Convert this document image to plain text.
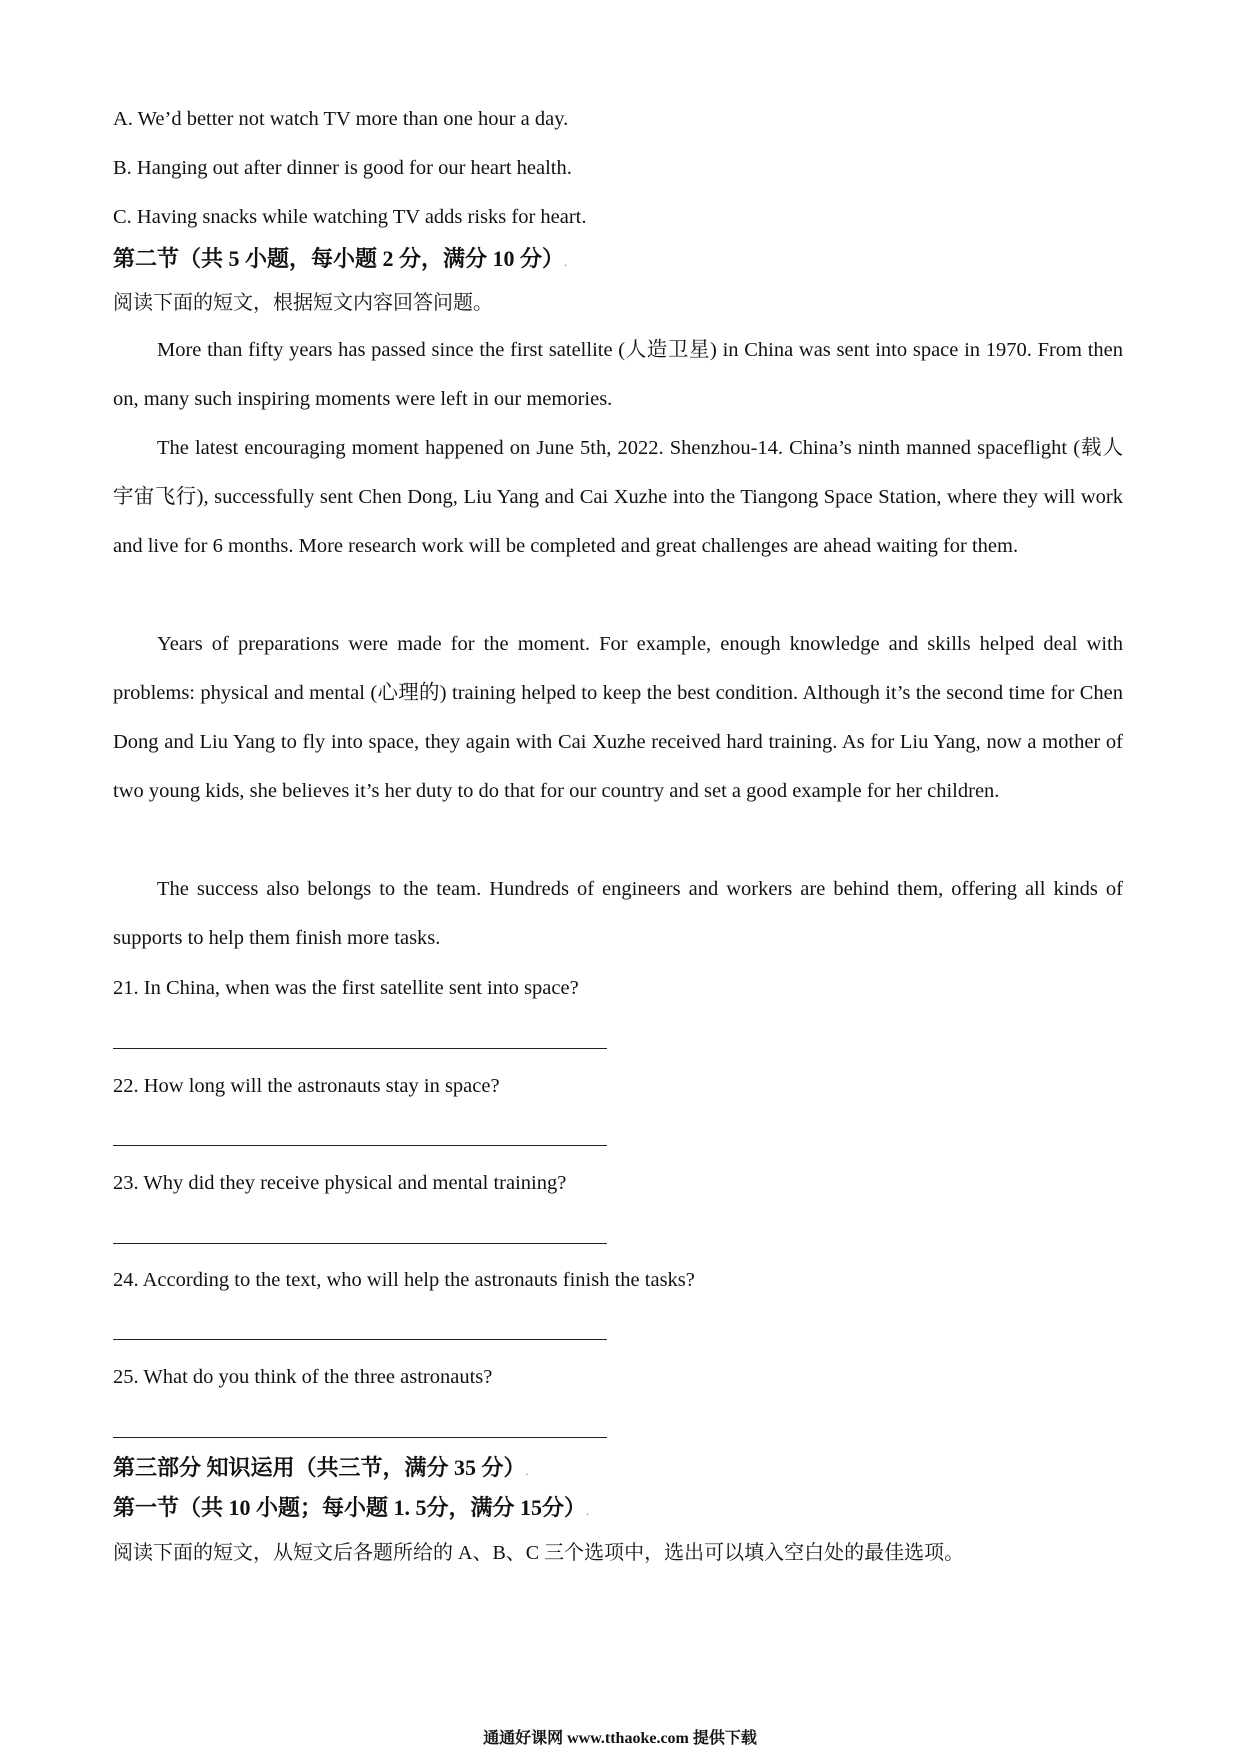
A. We’d better not watch TV more than one hour a day.
B. Hanging out after dinner is good for our heart health.
C. Having snacks while watching TV adds risks for heart.
第二节（共 5 小题，每小题 2 分，满分 10 分）.
阅读下面的短文，根据短文内容回答问题。
More than fifty years has passed since the first satellite (人造卫星) in China was sent into space in 1970. From then on, many such inspiring moments were left in our memories.
The latest encouraging moment happened on June 5th, 2022. Shenzhou-14. China’s ninth manned spaceflight (载人宇宙飞行), successfully sent Chen Dong, Liu Yang and Cai Xuzhe into the Tiangong Space Station, where they will work and live for 6 months. More research work will be completed and great challenges are ahead waiting for them.
Years of preparations were made for the moment. For example, enough knowledge and skills helped deal with problems: physical and mental (心理的) training helped to keep the best condition. Although it’s the second time for Chen Dong and Liu Yang to fly into space, they again with Cai Xuzhe received hard training. As for Liu Yang, now a mother of two young kids, she believes it’s her duty to do that for our country and set a good example for her children.
The success also belongs to the team. Hundreds of engineers and workers are behind them, offering all kinds of supports to help them finish more tasks.
21. In China, when was the first satellite sent into space?
22. How long will the astronauts stay in space?
23. Why did they receive physical and mental training?
24. According to the text, who will help the astronauts finish the tasks?
25. What do you think of the three astronauts?
第三部分 知识运用（共三节，满分 35 分）.
第一节（共 10 小题；每小题 1. 5分，满分 15分）.
阅读下面的短文，从短文后各题所给的 A、B、C 三个选项中，选出可以填入空白处的最佳选项。
通通好课网 www.tthaoke.com 提供下载
